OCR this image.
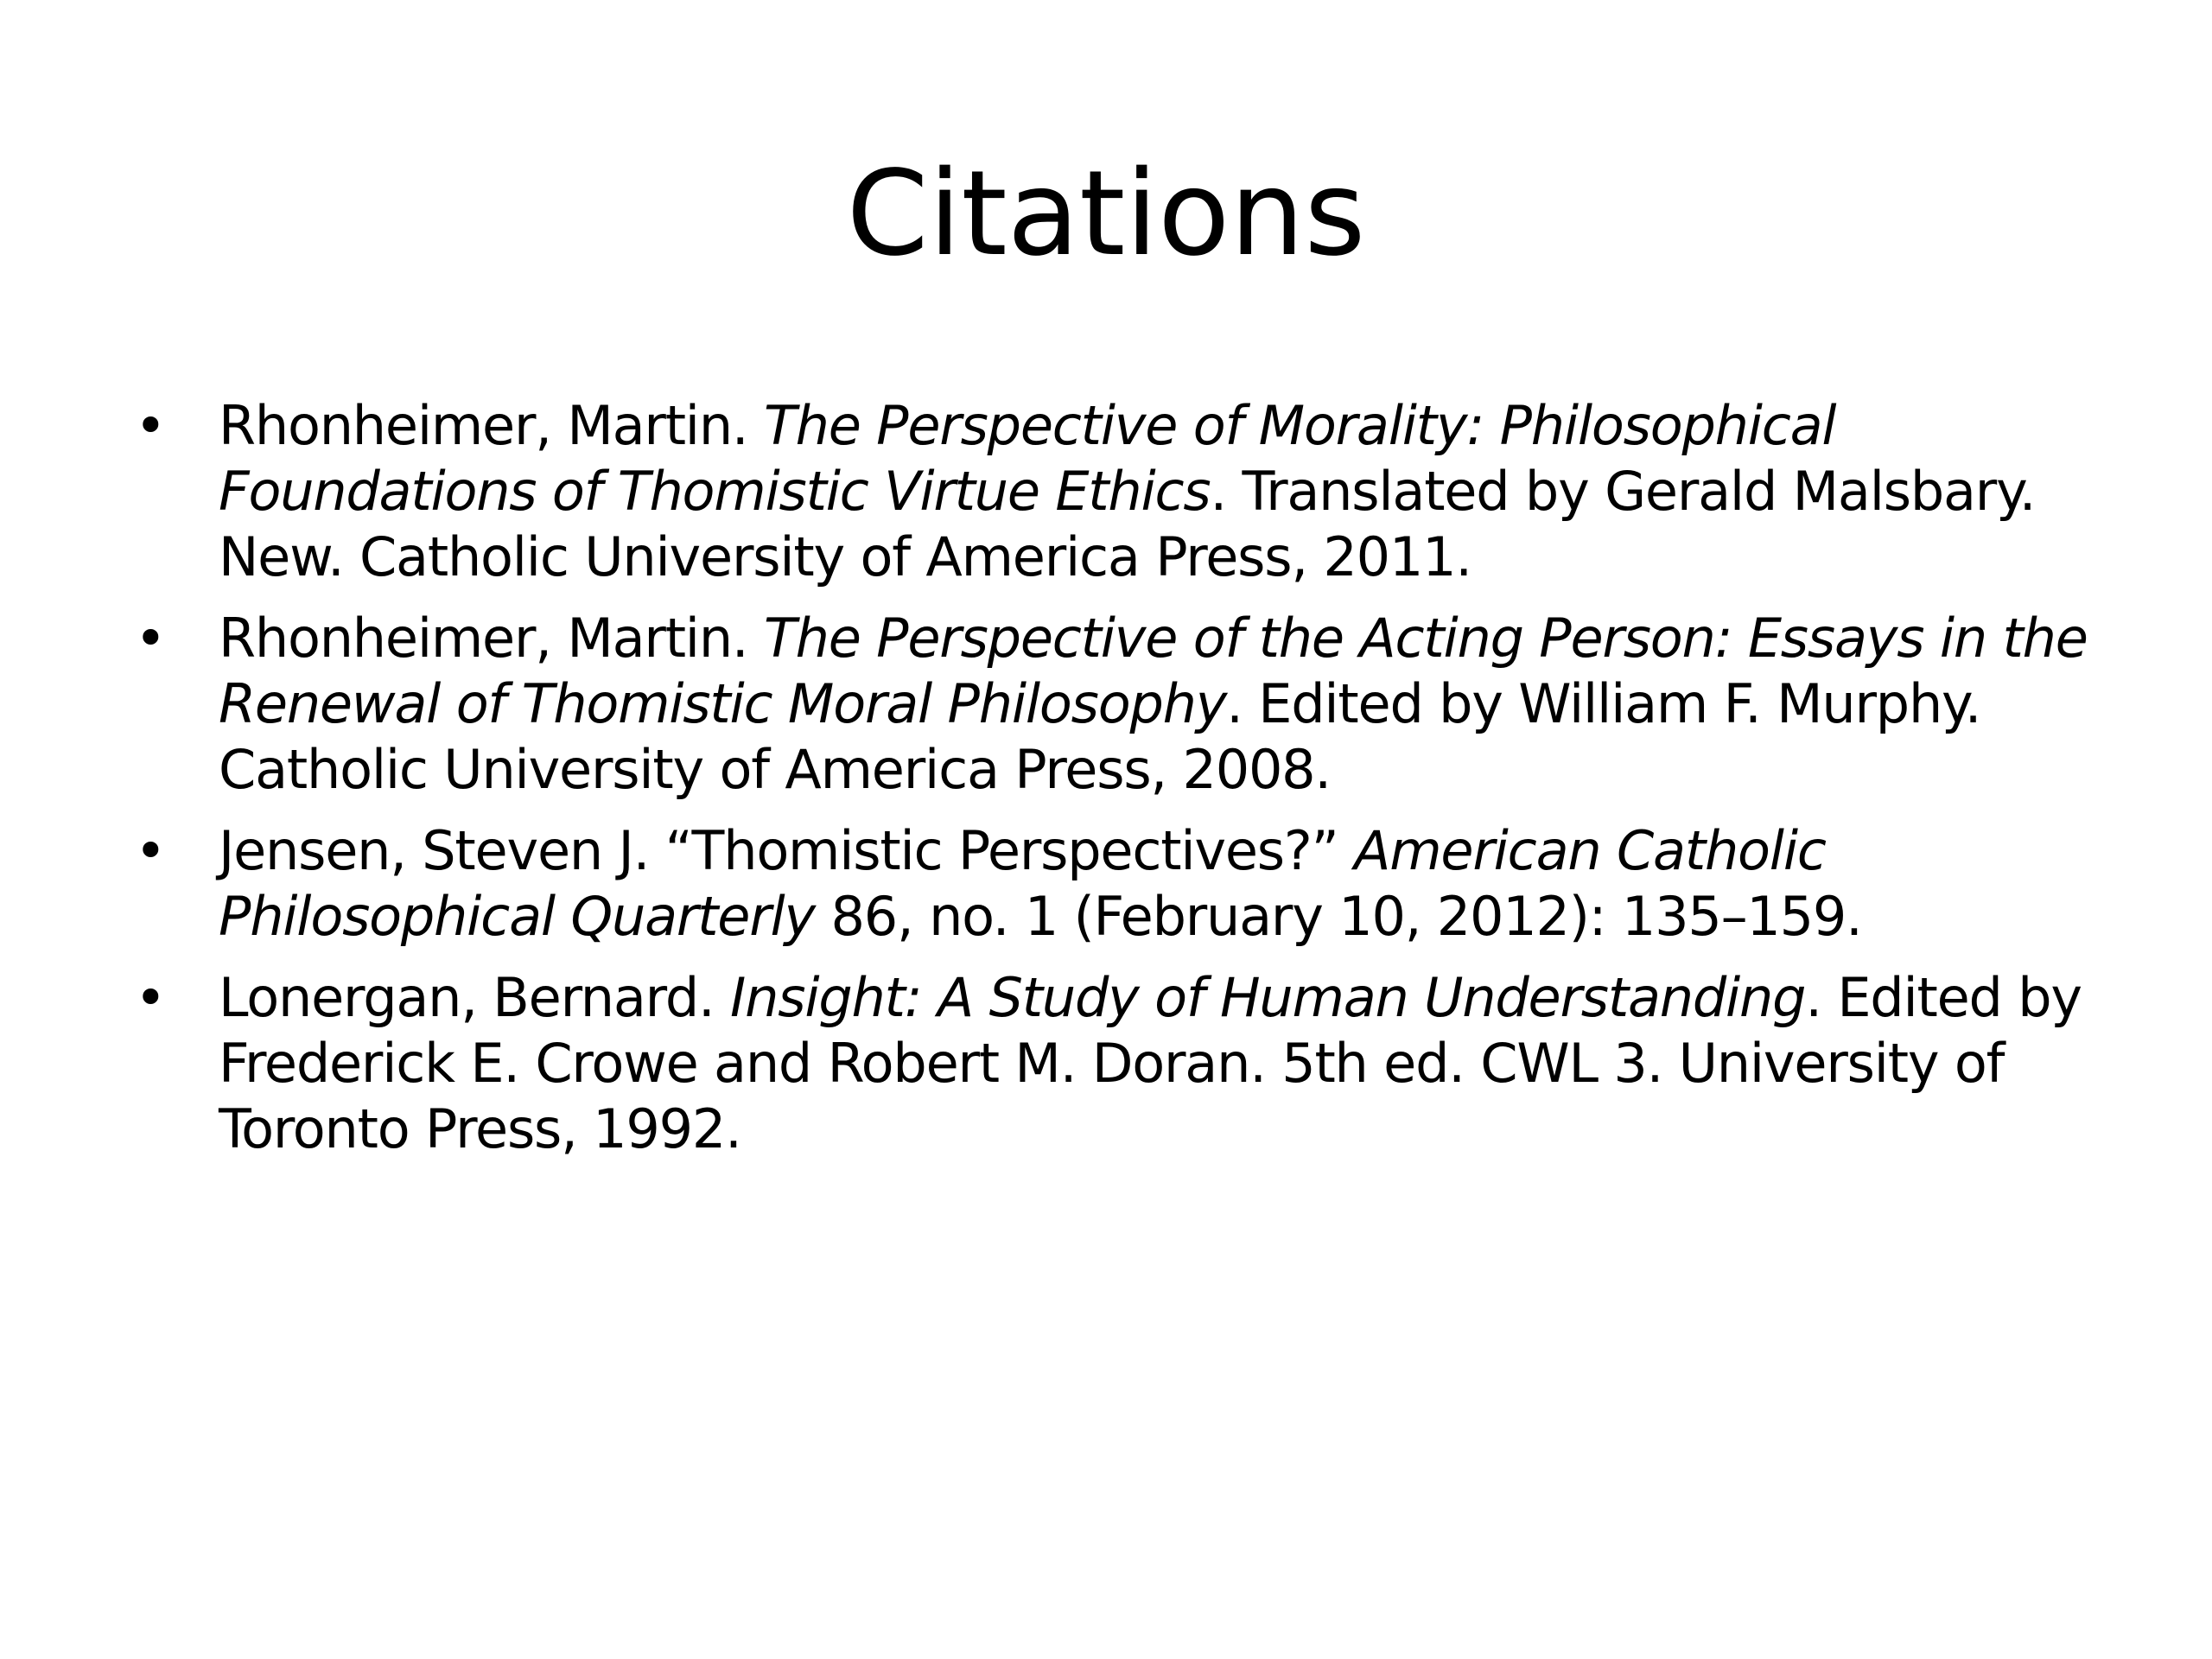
Citations
• Rhonheimer, Martin. The Perspective of Morality: Philosophical Foundations of Thomistic Virtue Ethics. Translated by Gerald Malsbary. New. Catholic University of America Press, 2011.
• Rhonheimer, Martin. The Perspective of the Acting Person: Essays in the Renewal of Thomistic Moral Philosophy. Edited by William F. Murphy. Catholic University of America Press, 2008.
• Jensen, Steven J. “Thomistic Perspectives?” American Catholic Philosophical Quarterly 86, no. 1 (February 10, 2012): 135–159.
• Lonergan, Bernard. Insight: A Study of Human Understanding. Edited by Frederick E. Crowe and Robert M. Doran. 5th ed. CWL 3. University of Toronto Press, 1992.
